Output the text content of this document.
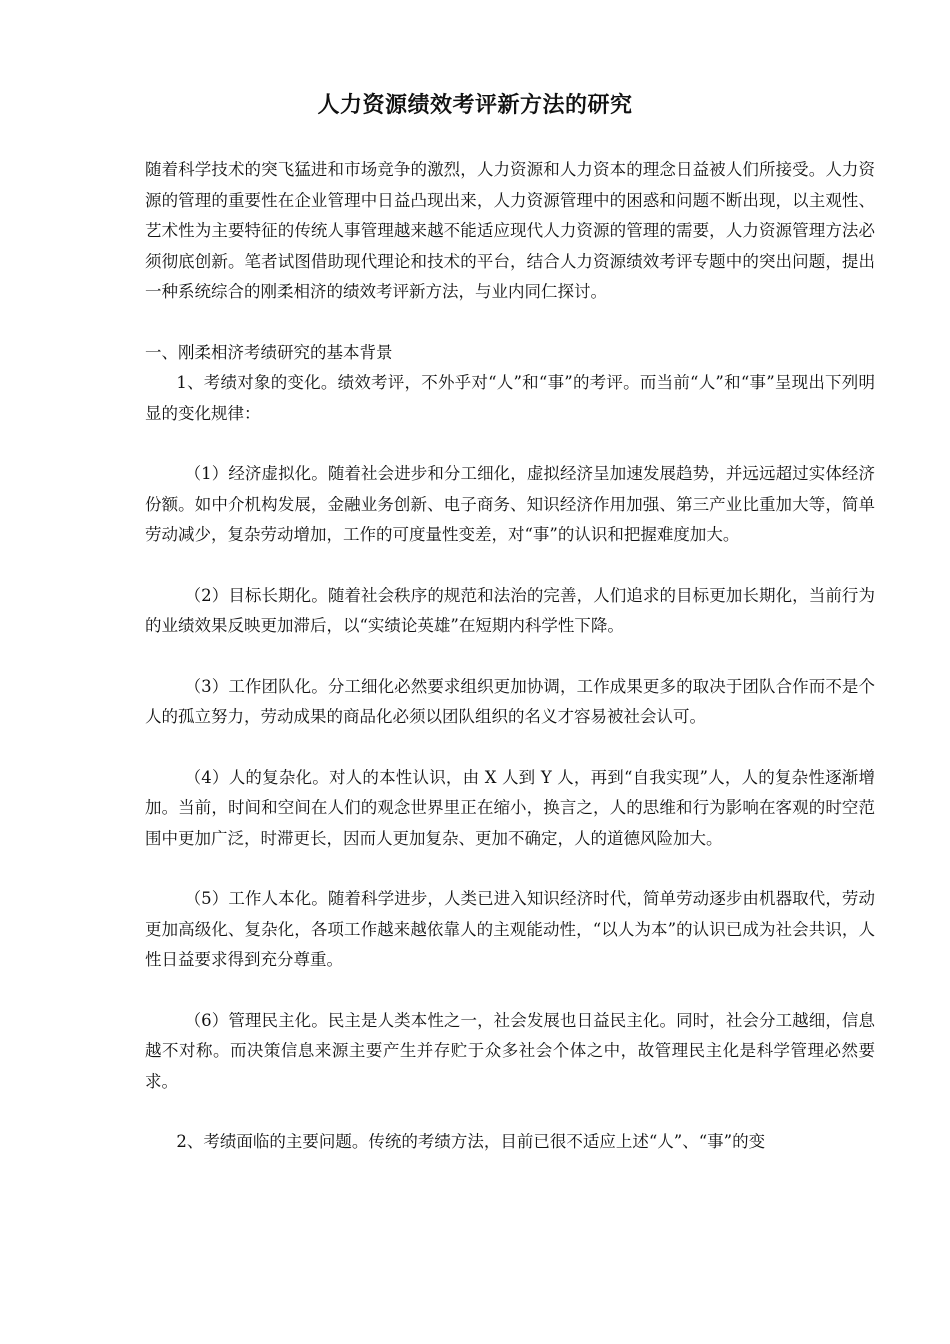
人力资源绩效考评新方法的研究

随着科学技术的突飞猛进和市场竞争的激烈，人力资源和人力资本的理念日益被人们所接受。人力资源的管理的重要性在企业管理中日益凸现出来，人力资源管理中的困惑和问题不断出现，以主观性、艺术性为主要特征的传统人事管理越来越不能适应现代人力资源的管理的需要，人力资源管理方法必须彻底创新。笔者试图借助现代理论和技术的平台，结合人力资源绩效考评专题中的突出问题，提出一种系统综合的刚柔相济的绩效考评新方法，与业内同仁探讨。

一、刚柔相济考绩研究的基本背景

1、考绩对象的变化。绩效考评，不外乎对“人”和“事”的考评。而当前“人”和“事”呈现出下列明显的变化规律：

（1）经济虚拟化。随着社会进步和分工细化，虚拟经济呈加速发展趋势，并远远超过实体经济份额。如中介机构发展，金融业务创新、电子商务、知识经济作用加强、第三产业比重加大等，简单劳动减少，复杂劳动增加，工作的可度量性变差，对“事”的认识和把握难度加大。

（2）目标长期化。随着社会秩序的规范和法治的完善，人们追求的目标更加长期化，当前行为的业绩效果反映更加滞后，以“实绩论英雄”在短期内科学性下降。

（3）工作团队化。分工细化必然要求组织更加协调，工作成果更多的取决于团队合作而不是个人的孤立努力，劳动成果的商品化必须以团队组织的名义才容易被社会认可。

（4）人的复杂化。对人的本性认识，由 X 人到 Y 人，再到“自我实现”人，人的复杂性逐渐增加。当前，时间和空间在人们的观念世界里正在缩小，换言之，人的思维和行为影响在客观的时空范围中更加广泛，时滞更长，因而人更加复杂、更加不确定，人的道德风险加大。

（5）工作人本化。随着科学进步，人类已进入知识经济时代，简单劳动逐步由机器取代，劳动更加高级化、复杂化，各项工作越来越依靠人的主观能动性，“以人为本”的认识已成为社会共识，人性日益要求得到充分尊重。

（6）管理民主化。民主是人类本性之一，社会发展也日益民主化。同时，社会分工越细，信息越不对称。而决策信息来源主要产生并存贮于众多社会个体之中，故管理民主化是科学管理必然要求。

2、考绩面临的主要问题。传统的考绩方法，目前已很不适应上述“人”、“事”的变
